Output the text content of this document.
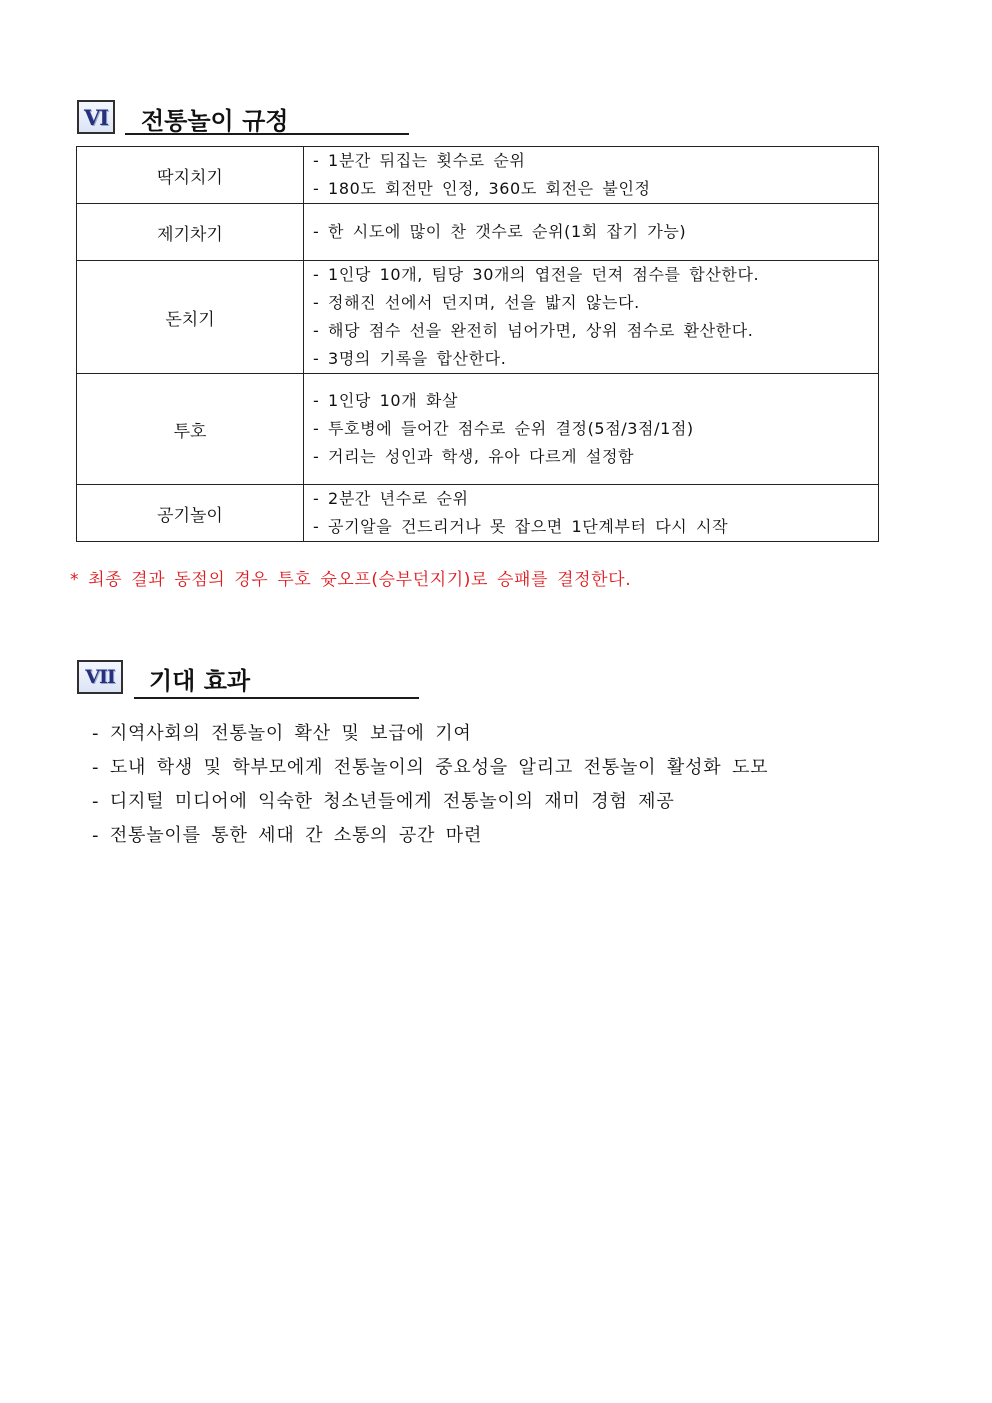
VI 전통놀이 규정
딱지치기	- 1분간 뒤집는 횟수로 순위
- 180도 회전만 인정, 360도 회전은 불인정

제기차기	- 한 시도에 많이 찬 갯수로 순위(1회 잡기 가능)

돈치기	- 1인당 10개, 팀당 30개의 엽전을 던져 점수를 합산한다.
- 정해진 선에서 던지며, 선을 밟지 않는다.
- 해당 점수 선을 완전히 넘어가면, 상위 점수로 환산한다.
- 3명의 기록을 합산한다.

투호	- 1인당 10개 화살
- 투호병에 들어간 점수로 순위 결정(5점/3점/1점)
- 거리는 성인과 학생, 유아 다르게 설정함

공기놀이	- 2분간 년수로 순위
- 공기알을 건드리거나 못 잡으면 1단계부터 다시 시작
* 최종 결과 동점의 경우 투호 슛오프(승부던지기)로 승패를 결정한다.
VII	기대 효과
- 지역사회의 전통놀이 확산 및 보급에 기여
- 도내 학생 및 학부모에게 전통놀이의 중요성을 알리고 전통놀이 활성화 도모
- 디지털 미디어에 익숙한 청소년들에게 전통놀이의 재미 경험 제공
- 전통놀이를 통한 세대 간 소통의 공간 마련
